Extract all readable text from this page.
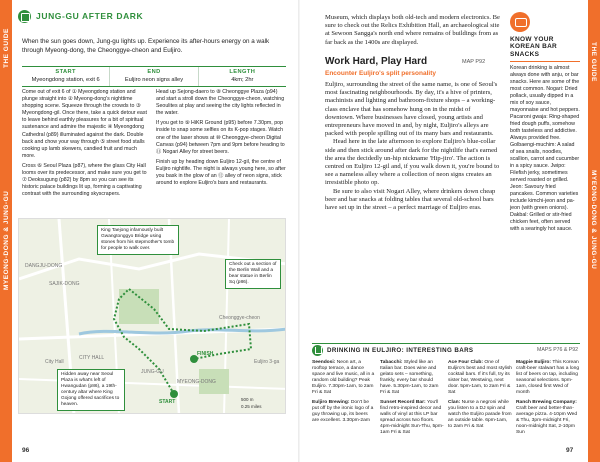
THE GUIDE
MYEONG-DONG & JUNG-GU
JUNG-GU AFTER DARK
When the sun goes down, Jung-gu lights up. Experience its after-hours energy on a walk through Myeong-dong, the Cheonggye-cheon and Euljiro.
START
Myeongdong station, exit 6
END
Euljiro neon signs alley
LENGTH
4km; 2hr

Come out of exit 6 of ① Myeongdong station and plunge straight into ② Myeong-dong's nighttime shopping scene. Squeeze through the crowds to ③ Myeongdong-gil. Once there, take a quick detour east to leave behind earthly pleasures for a bit of spiritual sustenance and admire the majestic ④ Myeongdong Cathedral (p89) illuminated against the dark. Double back and chow your way through ⑤ street food stalls cooking up lamb skewers, candied fruit and much more.

Cross ⑥ Seoul Plaza (p87), where the glass City Hall looms over its predecessor, and make sure you get to ⑦ Deoksugung (p82) by 8pm so you can see its historic palace buildings lit up, forming a captivating contrast with the surrounding skyscrapers.

Head up Sejong-daero to ⑧ Cheonggye Plaza (p94) and start a stroll down the Cheonggye-cheon, watching Seoulites at play and seeing the city lights reflected in the water.

If you get to ⑨ HiKR Ground (p95) before 7.30pm, pop inside to snap some selfies on its K-pop stages. Watch one of the laser shows at ⑩ Cheonggye-cheon Digital Canvas (p94) between 7pm and 9pm before heading to ⑪ Nogari Alley for street beers.

Finish up by heading down Euljiro 12-gil, the centre of Euljiro nightlife. The night is always young here, so after you bask in the glow of an ⑫ alley of neon signs, stick around to explore Euljiro's bars and restaurants.

DANGJU-DONG
SAJIK-DONG
CITY HALL
JUNG-GU
MYEONG-DONG
Cheonggye-cheon
START
FINISH
Euljiro 3-ga
City Hall
King Taejong infamously built Gwangtonggyo Bridge using stones from his stepmother's tomb for people to walk over.
Check out a section of the Berlin Wall and a bear statue in Berlin Sq (p86).
Hidden away near Seoul Plaza is what's left of Hwangudan (p86), a 19th-century altar where King Gojong offered sacrifices to heaven.
500 m
0.25 miles
96
THE GUIDE
MYEONG-DONG & JUNG-GU

Museum, which displays both old-tech and modern electronics. Be sure to check out the Relics Exhibition Hall, an archaeological site at Sewoon Sangga's north end where remains of buildings from as far back as the 1400s are displayed.

Work Hard, Play Hard	MAP P92
Encounter Euljiro's split personality

Euljiro, surrounding the street of the same name, is one of Seoul's most fascinating neighbourhoods. By day, it's a hive of printers, machinists and lighting and bathroom-fixture shops – a working-class enclave that has somehow hung on in the midst of downtown. Where businesses have closed, young artists and entrepreneurs have moved in and, by night, Euljiro's alleys are packed with people spilling out of its many bars and restaurants.

Head here in the late afternoon to explore Euljiro's blue-collar side and then stick around after dark for the nightlife that's earned the area the decidedly un-hip nickname 'Hip-jiro'. The action is centred on Euljiro 12-gil and, if you walk down it, you're bound to see a nameless alley where a collection of neon signs creates an irresistible photo op.

Be sure to also visit Nogari Alley, where drinkers down cheap beer and bar snacks at folding tables that several old-school bars have set up in the street – a perfect marriage of Euljiro eras.

KNOW YOUR KOREAN BAR SNACKS
Korean drinking is almost always done with anju, or bar snacks. Here are some of the most common. Nogari: Dried pollack, usually dipped in a mix of soy sauce, mayonnaise and hot peppers. Pacaroni gwaja: Ring-shaped fried dough puffs, somehow both tasteless and addictive. Always provided free. Golbaengi-muchim: A salad of sea snails, noodles, scallion, carrot and cucumber in a spicy sauce. Jwipo: Filefish jerky, sometimes served roasted or grilled. Jeon: Savoury fried pancakes. Common varieties include kimchi-jeon and pa-jeon (with green onions). Dakbal: Grilled or stir-fried chicken feet, often served with a searingly hot sauce.
DRINKING IN EULJIRO: INTERESTING BARS	MAPS P76 & P92
Seendosi: Neon art, a rooftop terrace, a dance space and live music, all in a random old building? Peak Euljiro. 7.30pm-1am, to 2am Fri & Sat
Euljiro Brewing: Don't be put off by the ironic logo of a guy throwing up, its beers are excellent. 3.30pm-2am
Tabacchi: Styled like an Italian bar. Does wine and gelato sets – something, frankly, every bar should have. 5.30pm-1am, to 2am Fri & Sat
Sunset Record Bar: You'll find retro-inspired decor and walls of vinyl at this LP bar spread across two floors. 4pm-midnight Sun-Thu, 5pm-1am Fri & Sat
Ace Four Club: One of Euljiro's best and most stylish cocktail bars. If it's full, try its sister bar, Westwing, next door. 5pm-1am, to 2am Fri & Sat
Clan: Nurse a negroni while you listen to a DJ spin and watch the Euljiro parade from an outside table. 6pm-1am, to 2am Fri & Sat
Magpie Euljiro: This Korean craft-beer stalwart has a long list of beers on tap, including seasonal selections. 5pm-1am, closed first Wed of month
Ranch Brewing Company: Craft beer and better-than-average pizza. 4-10pm Wed & Thu, 3pm-midnight Fri, noon-midnight Sat, 2-10pm Sun
97
